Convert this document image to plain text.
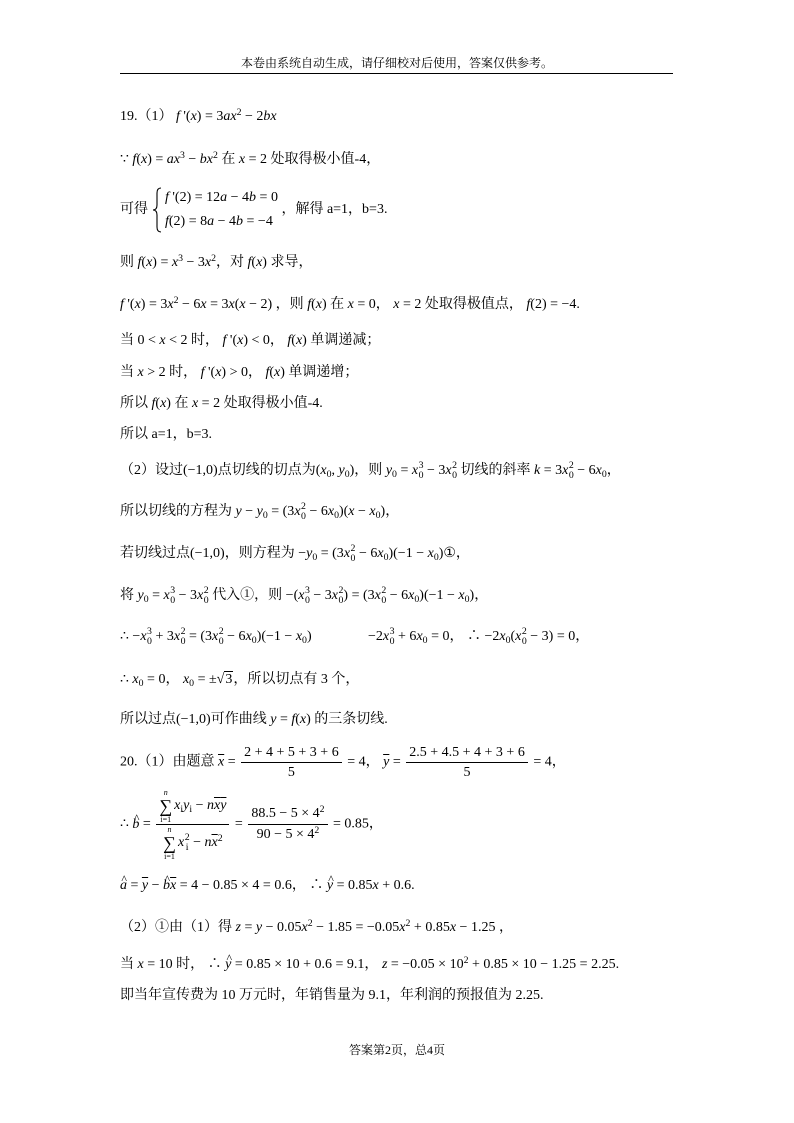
本卷由系统自动生成，请仔细校对后使用，答案仅供参考。
19.（1） f '$(x) = 3ax^2 - 2bx$
∵ $f(x) = ax^3 - bx^2$ 在 x = 2 处取得极小值-4，
可得
f '(2) = 12a − 4b = 0
f(2) = 8a − 4b = −4
，解得 a=1，b=3.
则 $f(x) = x^3 - 3x^2$，对 f(x) 求导，
f '$(x) = 3x^2 - 6x = 3x(x - 2)$ ，则 f(x) 在 x = 0， x = 2 处取得极值点， f(2) = −4.
当 0 < x < 2 时， f '(x) < 0， f(x) 单调递减；
当 x > 2 时， f '(x) > 0， f(x) 单调递增；
所以 f(x) 在 x = 2 处取得极小值-4.
所以 a=1，b=3.
（2）设过(−1,0)点切线的切点为($x_0$, $y_0$)，则 $y_0 = x$ 3
0 − 3x 2
0 切线的斜率 k = 3x 2
$0 - 6x_0$，
所以切线的方程为 $y - y_0 = (3x$ 2
$0 - 6x_0)(x - x_0)$，
若切线过点(−1,0)，则方程为 $-y_0 = (3x$ 2
$0 - 6x_0)(-1$ − $x_0)①$，
将 $y_0 = x$ 3
0 − 3x 2
0 代入①，则 −(x 3
0 − 3x 2
0 ) = (3x 2
$0 - 6x_0)(-1 - x_0)$，
∴ −x 3
0 + 3x 2
0 = (3x 2
$0 - 6x_0)(-1 - x_0)$	−2x 3
$0 + 6x_0 = 0$， ∴ $-2x_0(x$ 2
0 − 3) = 0，
∴ $x_0 = 0$， $x_0$ = ± √ 3，所以切点有 3 个，
所以过点(−1,0)可作曲线 y = f(x) 的三条切线.
20.（1）由题意 $\overline{x} = \frac{2 + 4 + 5 + 3 + 6}{5} = 4$， $\overline{y} = \frac{2.5 + 4.5 + 4 + 3 + 6}{5} = 4$，
∴ b ^ = n
∑
i=1
$x_iy_i - n\overline{x}\overline{y}$
n
∑
i=1
x 2
$i - n\overline{x}^2 = \frac{88.5 - 5 \times 4^2}{90 - 5 \times 4^2} = 0.85$，
a ^ = $\overline{y} - b$ $\^{}\overline{x} = 4 - 0.85 \times 4 = 0.6$， ∴ y ^ = 0.85x + 0.6.
（2）①由（1）得 $z = y - 0.05x^2 - 1.85 = -0.05x^2 + 0.85x - 1.25$ ，
当 x = 10 时， ∴ y ^ = 0.85 × 10 + 0.6 = 9.1， $z = -0.05 \times 10^2 + 0.85 \times 10 - 1.25 = 2.25$.
即当年宣传费为 10 万元时，年销售量为 9.1，年利润的预报值为 2.25.
答案第2页，总4页
